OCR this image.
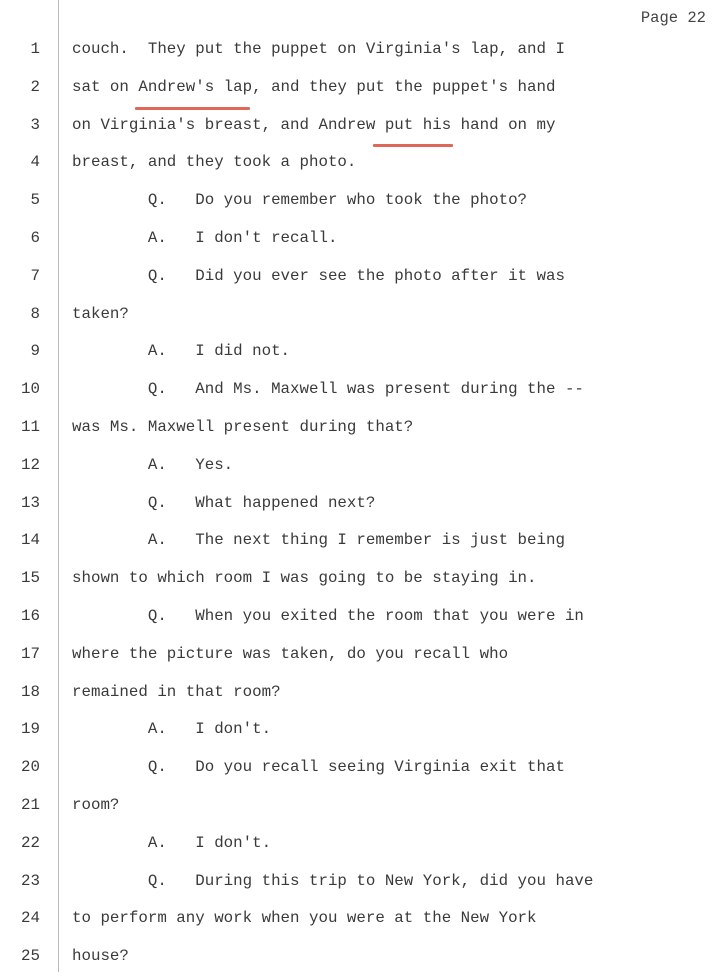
Page 22
1 couch.  They put the puppet on Virginia's lap, and I
2 sat on Andrew's lap, and they put the puppet's hand
3 on Virginia's breast, and Andrew put his hand on my
4 breast, and they took a photo.
5 Q.   Do you remember who took the photo?
6 A.   I don't recall.
7 Q.   Did you ever see the photo after it was
8 taken?
9 A.   I did not.
10 Q.   And Ms. Maxwell was present during the --
11 was Ms. Maxwell present during that?
12 A.   Yes.
13 Q.   What happened next?
14 A.   The next thing I remember is just being
15 shown to which room I was going to be staying in.
16 Q.   When you exited the room that you were in
17 where the picture was taken, do you recall who
18 remained in that room?
19 A.   I don't.
20 Q.   Do you recall seeing Virginia exit that
21 room?
22 A.   I don't.
23 Q.   During this trip to New York, did you have
24 to perform any work when you were at the New York
25 house?
